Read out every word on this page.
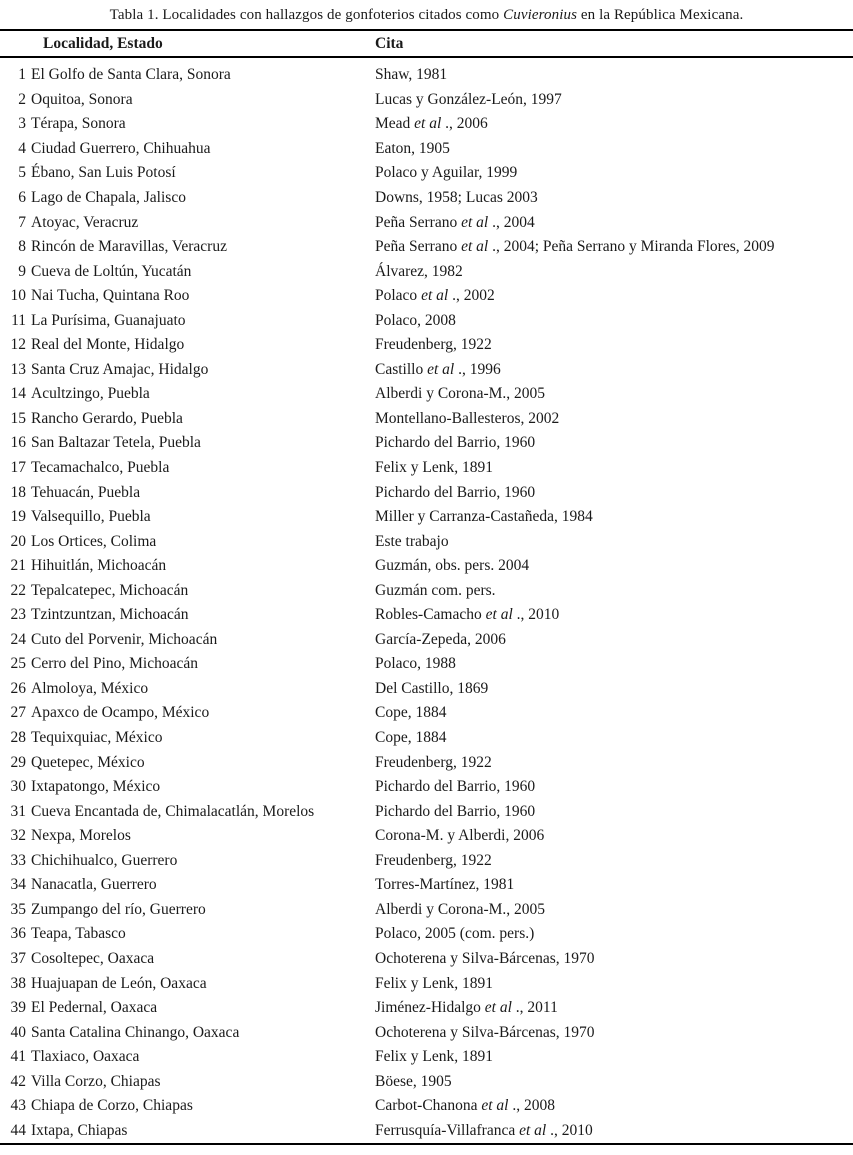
Tabla 1. Localidades con hallazgos de gonfoterios citados como Cuvieronius en la República Mexicana.
Localidad, Estado	Cita
1 El Golfo de Santa Clara, Sonora	Shaw, 1981
2 Oquitoa, Sonora	Lucas y González-León, 1997
3 Térapa, Sonora	Mead et al ., 2006
4 Ciudad Guerrero, Chihuahua	Eaton, 1905
5 Ébano, San Luis Potosí	Polaco y Aguilar, 1999
6 Lago de Chapala, Jalisco	Downs, 1958; Lucas 2003
7 Atoyac, Veracruz	Peña Serrano et al ., 2004
8 Rincón de Maravillas, Veracruz	Peña Serrano et al ., 2004; Peña Serrano y Miranda Flores, 2009
9 Cueva de Loltún, Yucatán	Álvarez, 1982
10 Nai Tucha, Quintana Roo	Polaco et al ., 2002
11 La Purísima, Guanajuato	Polaco, 2008
12 Real del Monte, Hidalgo	Freudenberg, 1922
13 Santa Cruz Amajac, Hidalgo	Castillo et al ., 1996
14 Acultzingo, Puebla	Alberdi y Corona-M., 2005
15 Rancho Gerardo, Puebla	Montellano-Ballesteros, 2002
16 San Baltazar Tetela, Puebla	Pichardo del Barrio, 1960
17 Tecamachalco, Puebla	Felix y Lenk, 1891
18 Tehuacán, Puebla	Pichardo del Barrio, 1960
19 Valsequillo, Puebla	Miller y Carranza-Castañeda, 1984
20 Los Ortices, Colima	Este trabajo
21 Hihuitlán, Michoacán	Guzmán, obs. pers. 2004
22 Tepalcatepec, Michoacán	Guzmán com. pers.
23 Tzintzuntzan, Michoacán	Robles-Camacho et al ., 2010
24 Cuto del Porvenir, Michoacán	García-Zepeda, 2006
25 Cerro del Pino, Michoacán	Polaco, 1988
26 Almoloya, México	Del Castillo, 1869
27 Apaxco de Ocampo, México	Cope, 1884
28 Tequixquiac, México	Cope, 1884
29 Quetepec, México	Freudenberg, 1922
30 Ixtapatongo, México	Pichardo del Barrio, 1960
31 Cueva Encantada de, Chimalacatlán, Morelos	Pichardo del Barrio, 1960
32 Nexpa, Morelos	Corona-M. y Alberdi, 2006
33 Chichihualco, Guerrero	Freudenberg, 1922
34 Nanacatla, Guerrero	Torres-Martínez, 1981
35 Zumpango del río, Guerrero	Alberdi y Corona-M., 2005
36 Teapa, Tabasco	Polaco, 2005 (com. pers.)
37 Cosoltepec, Oaxaca	Ochoterena y Silva-Bárcenas, 1970
38 Huajuapan de León, Oaxaca	Felix y Lenk, 1891
39 El Pedernal, Oaxaca	Jiménez-Hidalgo et al ., 2011
40 Santa Catalina Chinango, Oaxaca	Ochoterena y Silva-Bárcenas, 1970
41 Tlaxiaco, Oaxaca	Felix y Lenk, 1891
42 Villa Corzo, Chiapas	Böese, 1905
43 Chiapa de Corzo, Chiapas	Carbot-Chanona et al ., 2008
44 Ixtapa, Chiapas	Ferrusquía-Villafranca et al ., 2010
